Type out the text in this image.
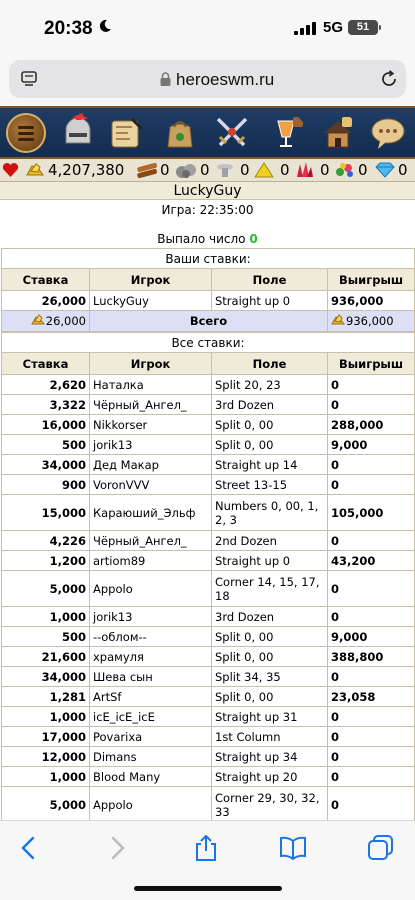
20:38	5G	51
heroeswm.ru
4,207,380 0 0 0 0 0 0 0
LuckyGuy
Игра: 22:35:00
Выпало число 0
Ваши ставки:			
Ставка	Игрок	Поле	Выигрыш
26,000	LuckyGuy	Straight up 0	936,000
26,000	Всего		936,000
Все ставки:			
Ставка	Игрок	Поле	Выигрыш
2,620	Наталка	Split 20, 23	0
3,322	Чёрный_Ангел_	3rd Dozen	0
16,000	Nikkorser	Split 0, 00	288,000
500	jorik13	Split 0, 00	9,000
34,000	Дед Макар	Straight up 14	0
900	VoronVVV	Street 13-15	0
15,000	Караюший_Эльф	Numbers 0, 00, 1, 2, 3	105,000
4,226	Чёрный_Ангел_	2nd Dozen	0
1,200	artiom89	Straight up 0	43,200
5,000	Appolo	Corner 14, 15, 17, 18	0
1,000	jorik13	3rd Dozen	0
500	--облом--	Split 0, 00	9,000
21,600	храмуля	Split 0, 00	388,800
34,000	Шева сын	Split 34, 35	0
1,281	ArtSf	Split 0, 00	23,058
1,000	icE_icE_icE	Straight up 31	0
17,000	Povarixa	1st Column	0
12,000	Dimans	Straight up 34	0
1,000	Blood Many	Straight up 20	0
5,000	Appolo	Corner 29, 30, 32, 33	0
